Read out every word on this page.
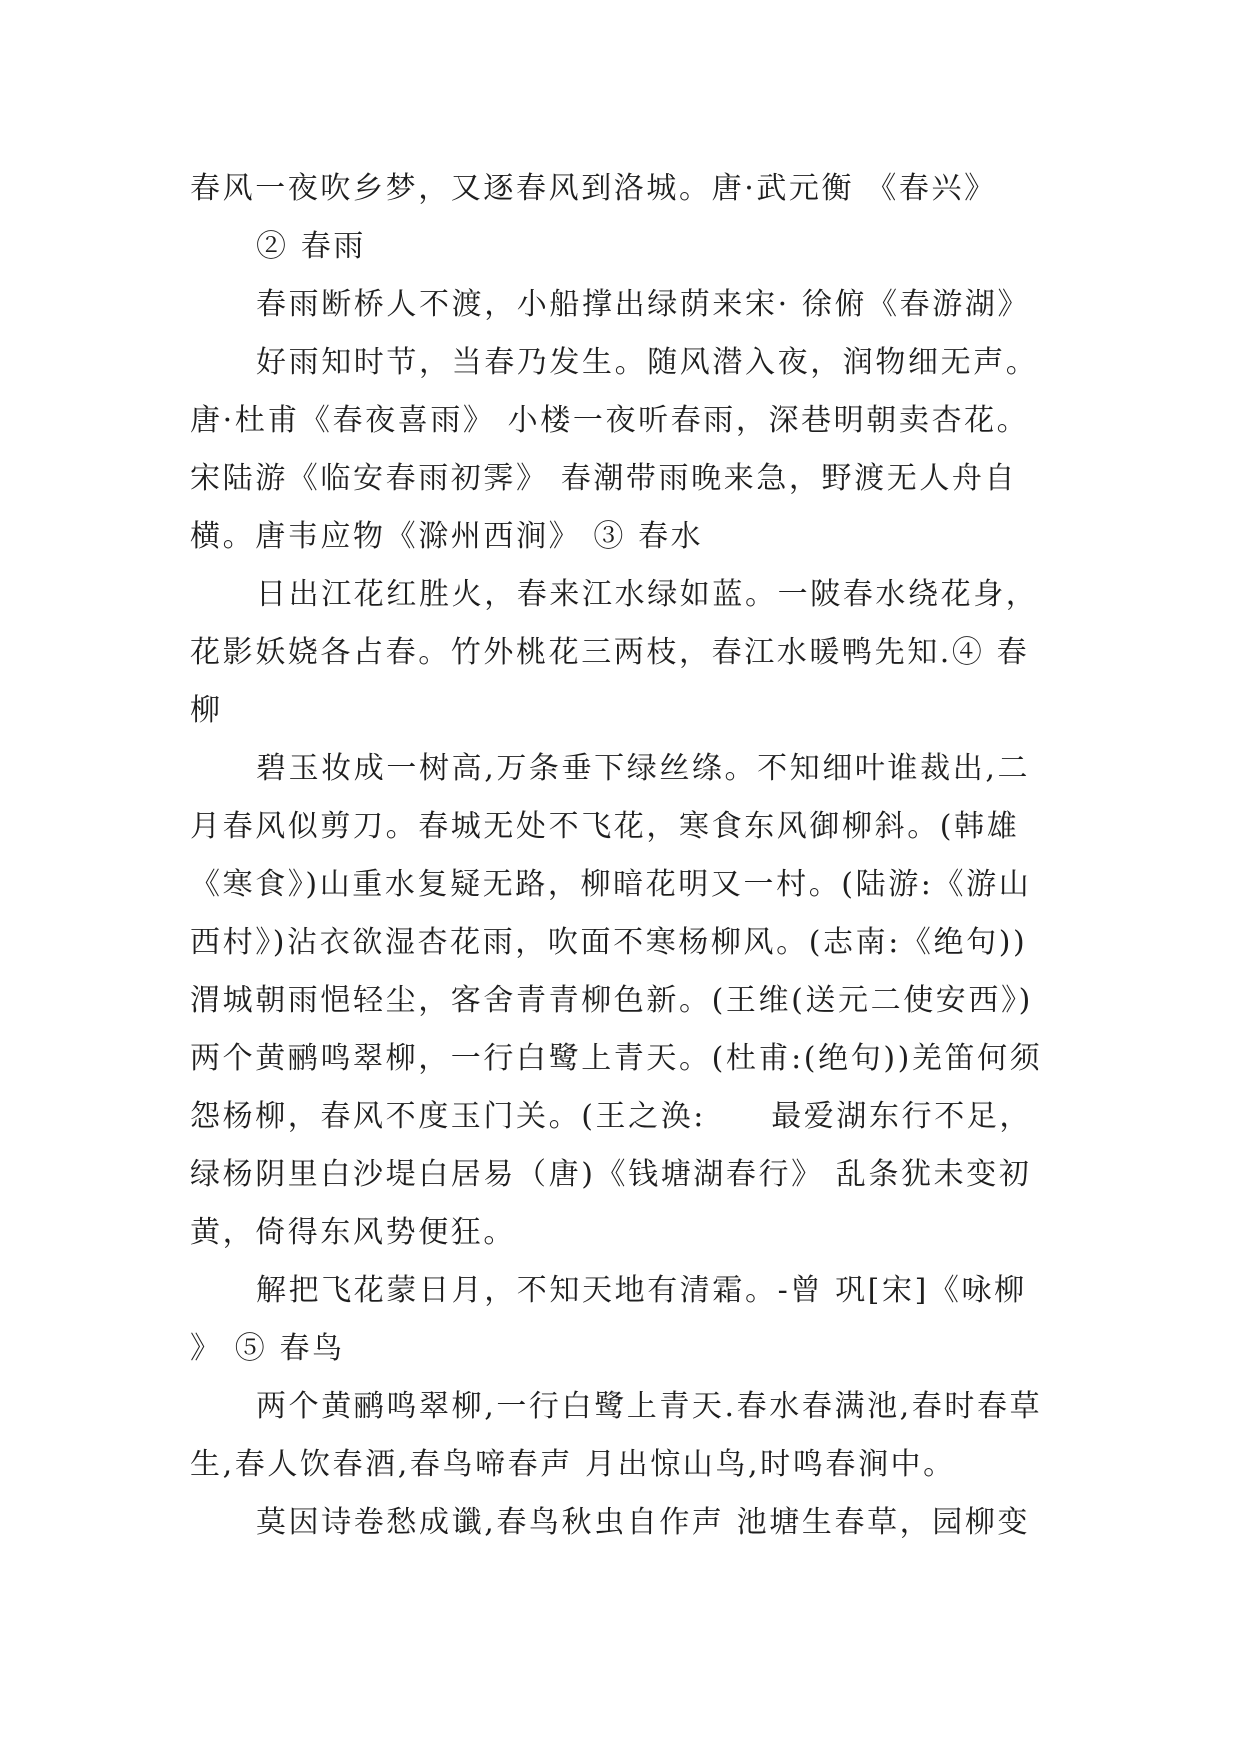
春风一夜吹乡梦，又逐春风到洛城。唐·武元衡 《春兴》

② 春雨

春雨断桥人不渡，小船撑出绿荫来宋· 徐俯《春游湖》

好雨知时节，当春乃发生。随风潜入夜，润物细无声。唐·杜甫《春夜喜雨》 小楼一夜听春雨，深巷明朝卖杏花。宋陆游《临安春雨初霁》 春潮带雨晚来急，野渡无人舟自横。唐韦应物《滁州西涧》 ③ 春水

日出江花红胜火，春来江水绿如蓝。一陂春水绕花身，花影妖娆各占春。竹外桃花三两枝，春江水暖鸭先知.④ 春柳

碧玉妆成一树高,万条垂下绿丝绦。不知细叶谁裁出,二月春风似剪刀。春城无处不飞花，寒食东风御柳斜。(韩雄《寒食》)山重水复疑无路，柳暗花明又一村。(陆游:《游山西村》)沾衣欲湿杏花雨，吹面不寒杨柳风。(志南:《绝句))渭城朝雨悒轻尘，客舍青青柳色新。(王维(送元二使安西》)两个黄鹂鸣翠柳，一行白鹭上青天。(杜甫:(绝句))羌笛何须怨杨柳，春风不度玉门关。(王之涣:　　最爱湖东行不足，绿杨阴里白沙堤白居易（唐)《钱塘湖春行》 乱条犹未变初黄，倚得东风势便狂。

解把飞花蒙日月，不知天地有清霜。-曾 巩[宋]《咏柳 》 ⑤ 春鸟

两个黄鹂鸣翠柳,一行白鹭上青天.春水春满池,春时春草生,春人饮春酒,春鸟啼春声 月出惊山鸟,时鸣春涧中。

莫因诗卷愁成谶,春鸟秋虫自作声 池塘生春草，园柳变
